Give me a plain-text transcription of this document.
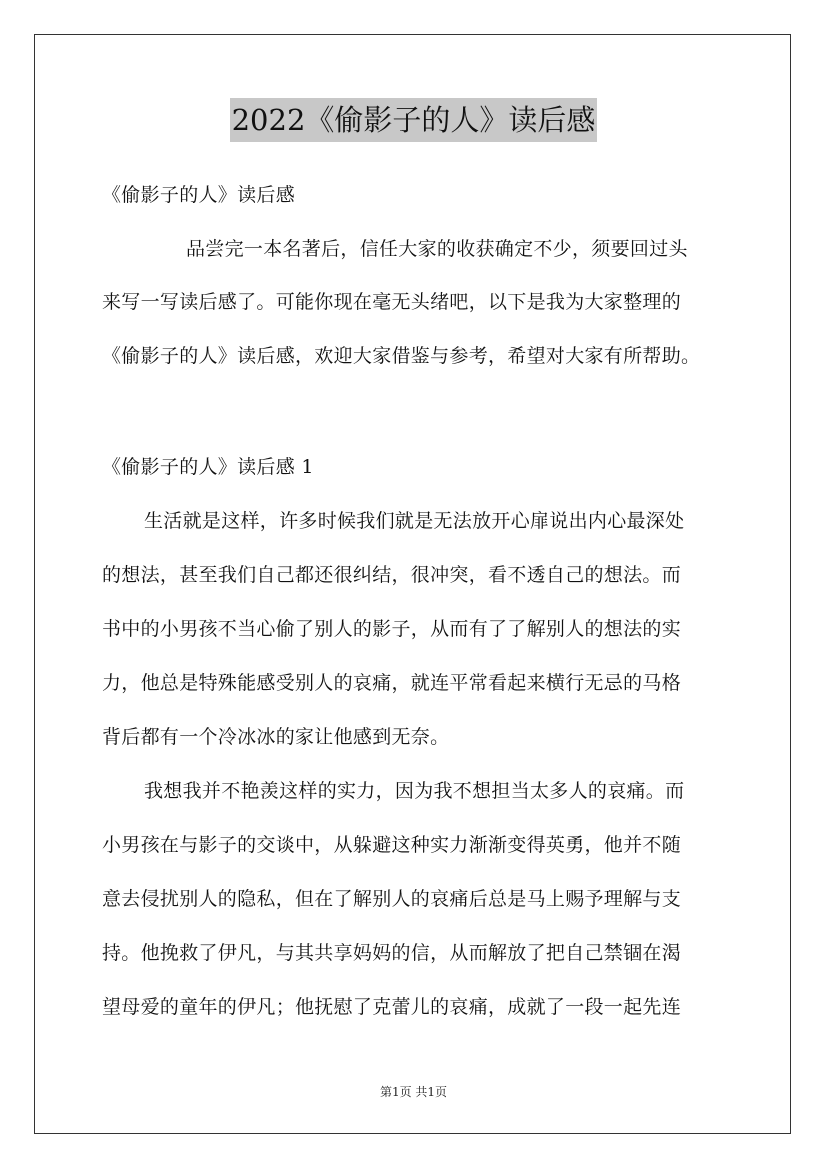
2022《偷影子的人》读后感
《偷影子的人》读后感
品尝完一本名著后，信任大家的收获确定不少，须要回过头
来写一写读后感了。可能你现在毫无头绪吧，以下是我为大家整理的
《偷影子的人》读后感，欢迎大家借鉴与参考，希望对大家有所帮助。
《偷影子的人》读后感 1
生活就是这样，许多时候我们就是无法放开心扉说出内心最深处
的想法，甚至我们自己都还很纠结，很冲突，看不透自己的想法。而
书中的小男孩不当心偷了别人的影子，从而有了了解别人的想法的实
力，他总是特殊能感受别人的哀痛，就连平常看起来横行无忌的马格
背后都有一个冷冰冰的家让他感到无奈。
我想我并不艳羡这样的实力，因为我不想担当太多人的哀痛。而
小男孩在与影子的交谈中，从躲避这种实力渐渐变得英勇，他并不随
意去侵扰别人的隐私，但在了解别人的哀痛后总是马上赐予理解与支
持。他挽救了伊凡，与其共享妈妈的信，从而解放了把自己禁锢在渴
望母爱的童年的伊凡；他抚慰了克蕾儿的哀痛，成就了一段一起先连
第1页 共1页
